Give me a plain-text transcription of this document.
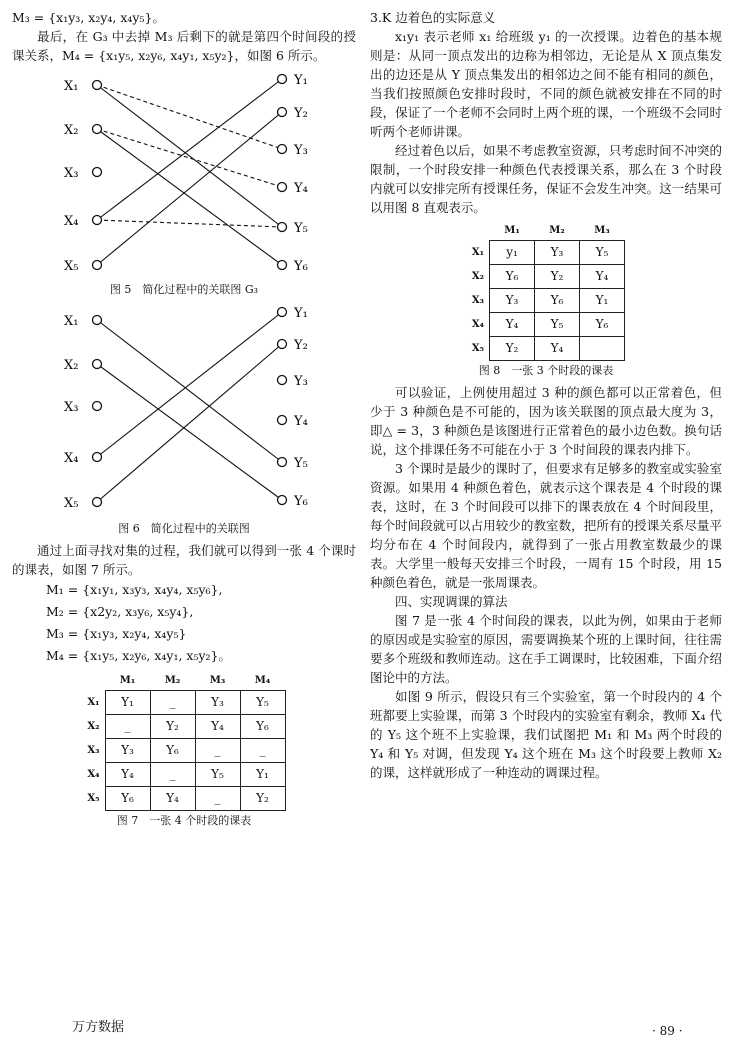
M₃ = {x₁y₃, x₂y₄, x₄y₅}。

最后，在 G₃ 中去掉 M₃ 后剩下的就是第四个时间段的授课关系，M₄ = {x₁y₅, x₂y₆, x₄y₁, x₅y₂}，如图 6 所示。

X₁
X₂
X₃
X₄
X₅
Y₁
Y₂
Y₃
Y₄
Y₅
Y₆
图 5　简化过程中的关联图 G₃
X₁
X₂
X₃
X₄
X₅
Y₁
Y₂
Y₃
Y₄
Y₅
Y₆
图 6　简化过程中的关联图

通过上面寻找对集的过程，我们就可以得到一张 4 个课时的课表，如图 7 所示。

M₁ = {x₁y₁, x₃y₃, x₄y₄, x₅y₆},
M₂ = {x2y₂, x₃y₆, x₅y₄},
M₃ = {x₁y₃, x₂y₄, x₄y₅}
M₄ = {x₁y₅, x₂y₆, x₄y₁, x₅y₂}。
	M₁	M₂	M₃	M₄
X₁	Y₁	_	Y₃	Y₅
X₂	_	Y₂	Y₄	Y₆
X₃	Y₃	Y₆	_	_
X₄	Y₄	_	Y₅	Y₁
X₅	Y₆	Y₄	_	Y₂
图 7　一张 4 个时段的课表

3.K 边着色的实际意义

x₁y₁ 表示老师 x₁ 给班级 y₁ 的一次授课。边着色的基本规则是：从同一顶点发出的边称为相邻边，无论是从 X 顶点集发出的边还是从 Y 顶点集发出的相邻边之间不能有相同的颜色，当我们按照颜色安排时段时，不同的颜色就被安排在不同的时段，保证了一个老师不会同时上两个班的课，一个班级不会同时听两个老师讲课。

经过着色以后，如果不考虑教室资源，只考虑时间不冲突的限制，一个时段安排一种颜色代表授课关系，那么在 3 个时段内就可以安排完所有授课任务，保证不会发生冲突。这一结果可以用图 8 直观表示。

	M₁	M₂	M₃
X₁	y₁	Y₃	Y₅
X₂	Y₆	Y₂	Y₄
X₃	Y₃	Y₆	Y₁
X₄	Y₄	Y₅	Y₆
X₅	Y₂	Y₄	
图 8　一张 3 个时段的课表

可以验证，上例使用超过 3 种的颜色都可以正常着色，但少于 3 种颜色是不可能的，因为该关联图的顶点最大度为 3，即△ = 3，3 种颜色是该图进行正常着色的最小边色数。换句话说，这个排课任务不可能在小于 3 个时间段的课表内排下。

3 个课时是最少的课时了，但要求有足够多的教室或实验室资源。如果用 4 种颜色着色，就表示这个课表是 4 个时段的课表，这时，在 3 个时间段可以排下的课表放在 4 个时间段里，每个时间段就可以占用较少的教室数，把所有的授课关系尽量平均分布在 4 个时间段内，就得到了一张占用教室数最少的课表。大学里一般每天安排三个时段，一周有 15 个时段，用 15 种颜色着色，就是一张周课表。

四、实现调课的算法

图 7 是一张 4 个时间段的课表，以此为例，如果由于老师的原因或是实验室的原因，需要调换某个班的上课时间，往往需要多个班级和教师连动。这在手工调课时，比较困难，下面介绍图论中的方法。

如图 9 所示，假设只有三个实验室，第一个时段内的 4 个班都要上实验课，而第 3 个时段内的实验室有剩余，教师 X₄ 代的 Y₅ 这个班不上实验课，我们试图把 M₁ 和 M₃ 两个时段的 Y₄ 和 Y₅ 对调，但发现 Y₄ 这个班在 M₃ 这个时段要上教师 X₂ 的课，这样就形成了一种连动的调课过程。

万方数据	· 89 ·
